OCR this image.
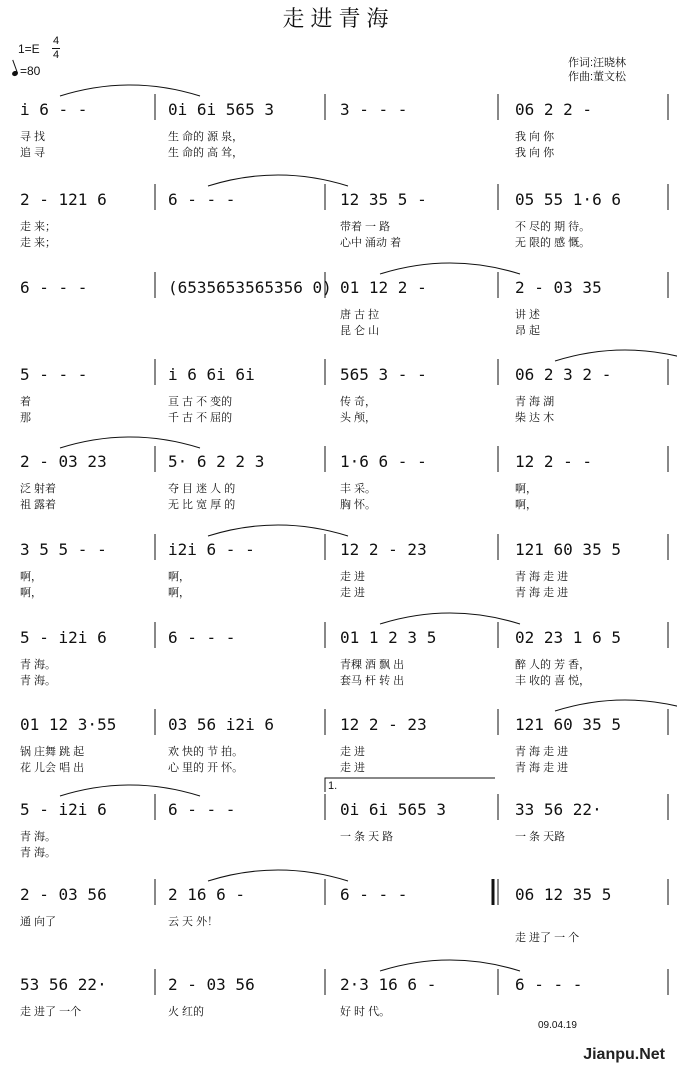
走进青海
1=E
4
4
=80
作词:汪晓林
作曲:董文松
i 6 - -
寻 找
追 寻
0i 6i 565 3
生 命的 源 泉，
生 命的 高 耸，
3 - - -	06 2 2 -
我 向 你
我 向 你
2 - 121 6
走 来；
走 来；
6 - - -	12 35 5 -
带着 一 路
心中 涌动 着
05 55 1·6 6
不 尽的 期 待。
无 限的 感 慨。
6 - - -	(6535653565356 0) 01 12 2 -
唐 古 拉
昆 仑 山
2 - 03 35
讲 述
昂 起
5 - - -
着
那
i 6 6i 6i
亘 古 不 变的
千 古 不 屈的
565 3 - -
传 奇，
头 颅，
06 2 3 2 -
青 海 湖
柴 达 木
2 - 03 23
泛 射着
祖 露着
5· 6 2 2 3
夺 目 迷 人 的
无 比 宽 厚 的
1·6 6 - -
丰 采。
胸 怀。
12 2 - -
啊，
啊，
3 5 5 - -
啊，
啊，
i2i 6 - -
啊，
啊，
12 2 - 23
走 进
走 进
121 60 35 5
青 海 走 进
青 海 走 进
5 - i2i 6
青 海。
青 海。
6 - - -	01 1 2 3 5
青稞 酒 飘 出
套马 杆 转 出
02 23 1 6 5
醉 人的 芳 香，
丰 收的 喜 悦，
01 12 3·55
锅 庄舞 跳 起
花 儿会 唱 出
03 56 i2i 6
欢 快的 节 拍。
心 里的 开 怀。
12 2 - 23
走 进
走 进
121 60 35 5
青 海 走 进
青 海 走 进
5 - i2i 6
青 海。
青 海。
6 - - -	0i 6i 565 3
一 条 天 路
33 56 22·
一 条 天路
1.
2 - 03 56
通 向了
2 16 6 -
云 天 外！
6 - - -	06 12 35 5
走 进了 一 个
53 56 22·
走 进了 一个
2 - 03 56
火 红的
2·3 16 6 -
好 时 代。
6 - - -
09.04.19
Jianpu.Net
